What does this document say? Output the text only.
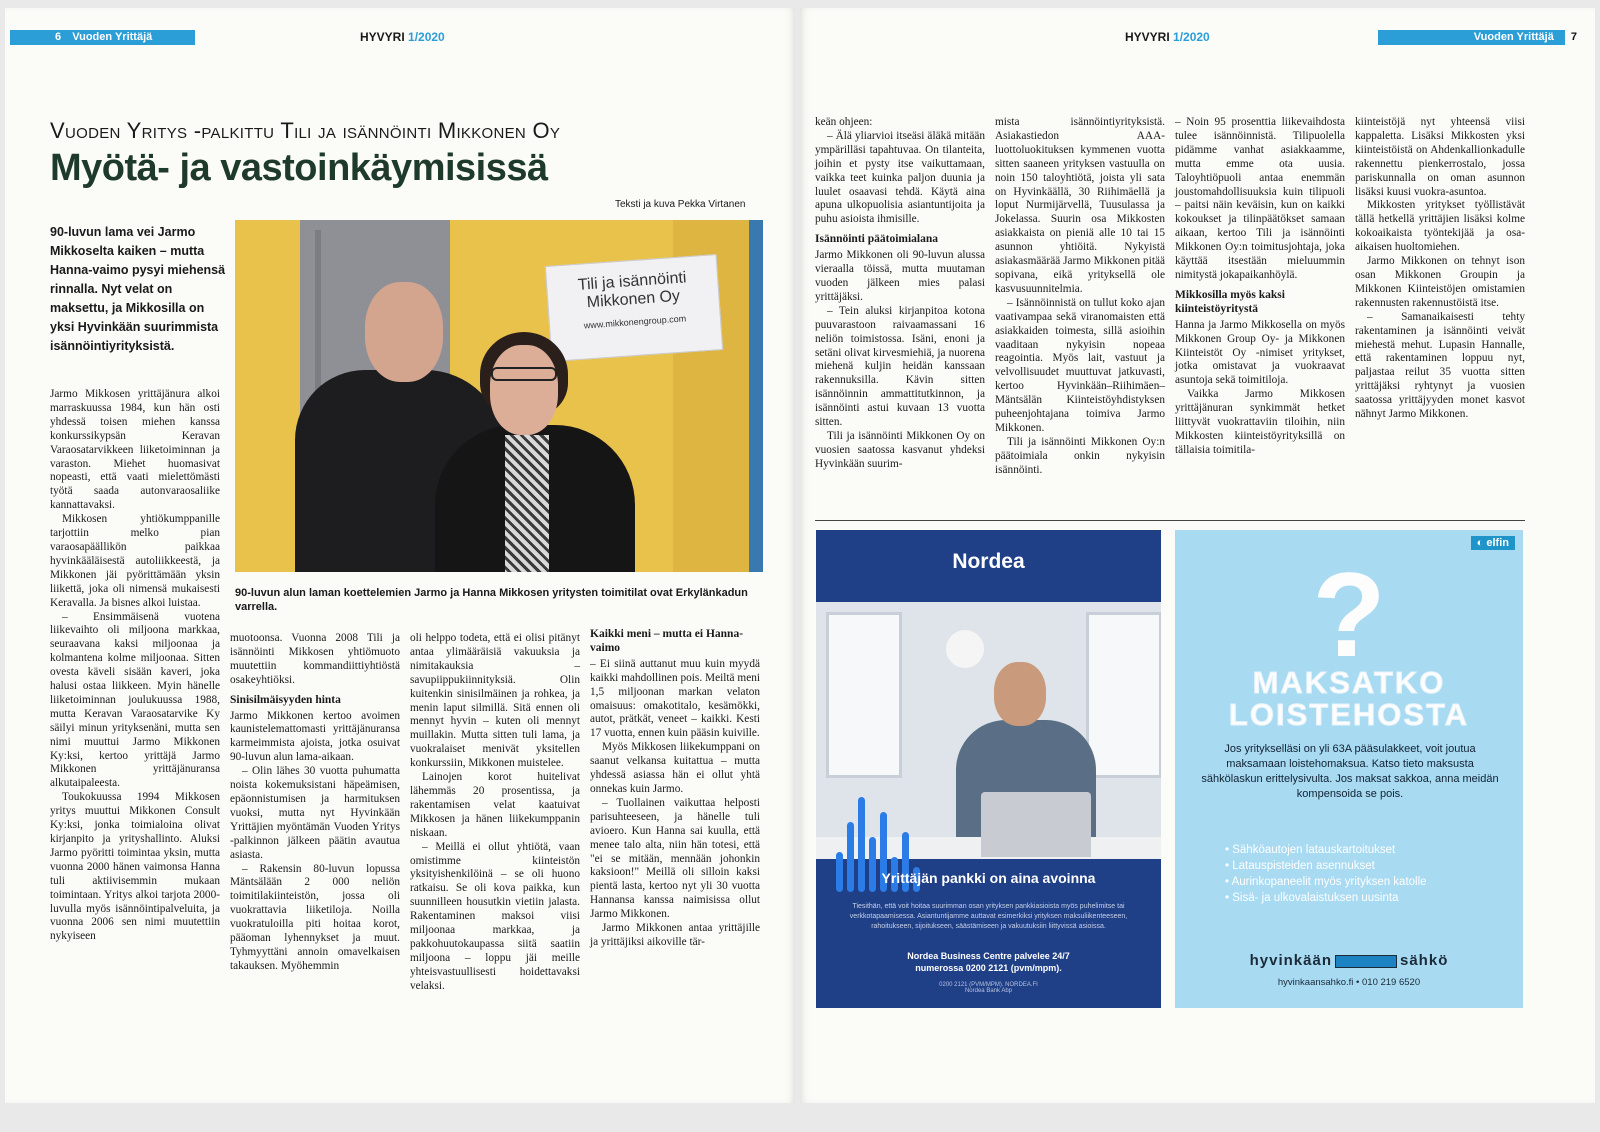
6 Vuoden Yrittäjä	HYVYRI 1/2020
Vuoden Yritys -palkittu Tili ja isännöinti Mikkonen Oy
Myötä- ja vastoinkäymisissä
Teksti ja kuva Pekka Virtanen
90-luvun lama vei Jarmo Mikkoselta kaiken – mutta Hanna-vaimo pysyi miehensä rinnalla. Nyt velat on maksettu, ja Mikkosilla on yksi Hyvinkään suurimmista isännöintiyrityksistä.
Tili ja isännöinti
Mikkonen Oy
www.mikkonengroup.com
90-luvun alun laman koettelemien Jarmo ja Hanna Mikkosen yritysten toimitilat ovat Erkylänkadun varrella.

Jarmo Mikkosen yrittäjänura alkoi marraskuussa 1984, kun hän osti yhdessä toisen miehen kanssa konkurssikypsän Keravan Varaosatarvikkeen liiketoiminnan ja varaston. Miehet huomasivat nopeasti, että vaati mielettömästi työtä saada autonvaraosaliike kannattavaksi.

Mikkosen yhtiökumppanille tarjottiin melko pian varaosapäällikön paikkaa hyvinkääläisestä autoliikkeestä, ja Mikkonen jäi pyörittämään yksin liikettä, joka oli nimensä mukaisesti Keravalla. Ja bisnes alkoi luistaa.

– Ensimmäisenä vuotena liikevaihto oli miljoona markkaa, seuraavana kaksi miljoonaa ja kolmantena kolme miljoonaa. Sitten ovesta käveli sisään kaveri, joka halusi ostaa liikkeen. Myin hänelle liiketoiminnan joulukuussa 1988, mutta Keravan Varaosatarvike Ky säilyi minun yrityksenäni, mutta sen nimi muuttui Jarmo Mikkonen Ky:ksi, kertoo yrittäjä Jarmo Mikkonen yrittäjänuransa alkutaipaleesta.

Toukokuussa 1994 Mikkosen yritys muuttui Mikkonen Consult Ky:ksi, jonka toimialoina olivat kirjanpito ja yrityshallinto. Aluksi Jarmo pyöritti toimintaa yksin, mutta vuonna 2000 hänen vaimonsa Hanna tuli aktiivisemmin mukaan toimintaan. Yritys alkoi tarjota 2000-luvulla myös isännöintipalveluita, ja vuonna 2006 sen nimi muutettiin nykyiseen

muotoonsa. Vuonna 2008 Tili ja isännöinti Mikkosen yhtiömuoto muutettiin kommandiittiyhtiöstä osakeyhtiöksi.

Sinisilmäisyyden hinta

Jarmo Mikkonen kertoo avoimen kaunistelemattomasti yrittäjänuransa karmeimmista ajoista, jotka osuivat 90-luvun alun lama-aikaan.

– Olin lähes 30 vuotta puhumatta noista kokemuksistani häpeämisen, epäonnistumisen ja harmituksen vuoksi, mutta nyt Hyvinkään Yrittäjien myöntämän Vuoden Yritys -palkinnon jälkeen päätin avautua asiasta.

– Rakensin 80-luvun lopussa Mäntsälään 2 000 neliön toimitilakiinteistön, jossa oli vuokrattavia liiketiloja. Noilla vuokratuloilla piti hoitaa korot, pääoman lyhennykset ja muut. Tyhmyyttäni annoin omavelkaisen takauksen. Myöhemmin

oli helppo todeta, että ei olisi pitänyt antaa ylimääräisiä vakuuksia ja nimitakauksia – savupiippukiinnityksiä. Olin kuitenkin sinisilmäinen ja rohkea, ja menin laput silmillä. Sitä ennen oli mennyt hyvin – kuten oli mennyt muillakin. Mutta sitten tuli lama, ja vuokralaiset menivät yksitellen konkurssiin, Mikkonen muistelee.

Lainojen korot huitelivat lähemmäs 20 prosentissa, ja rakentamisen velat kaatuivat Mikkosen ja hänen liikekumppanin niskaan.

– Meillä ei ollut yhtiötä, vaan omistimme kiinteistön yksityishenkilöinä – se oli huono ratkaisu. Se oli kova paikka, kun suunnilleen housutkin vietiin jalasta. Rakentaminen maksoi viisi miljoonaa markkaa, ja pakkohuutokaupassa siitä saatiin miljoona – loppu jäi meille yhteisvastuullisesti hoidettavaksi velaksi.

Kaikki meni – mutta ei Hanna-vaimo

– Ei siinä auttanut muu kuin myydä kaikki mahdollinen pois. Meiltä meni 1,5 miljoonan markan velaton omaisuus: omakotitalo, kesämökki, autot, prätkät, veneet – kaikki. Kesti 17 vuotta, ennen kuin pääsin kuiville.

Myös Mikkosen liikekumppani on saanut velkansa kuitattua – mutta yhdessä asiassa hän ei ollut yhtä onnekas kuin Jarmo.

– Tuollainen vaikuttaa helposti parisuhteeseen, ja hänelle tuli avioero. Kun Hanna sai kuulla, että menee talo alta, niin hän totesi, että "ei se mitään, mennään johonkin kaksioon!" Meillä oli silloin kaksi pientä lasta, kertoo nyt yli 30 vuotta Hannansa kanssa naimisissa ollut Jarmo Mikkonen.

Jarmo Mikkonen antaa yrittäjille ja yrittäjiksi aikoville tär-

HYVYRI 1/2020	Vuoden Yrittäjä 7

keän ohjeen:

– Älä yliarvioi itseäsi äläkä mitään ympärilläsi tapahtuvaa. On tilanteita, joihin et pysty itse vaikuttamaan, vaikka teet kuinka paljon duunia ja luulet osaavasi tehdä. Käytä aina apuna ulkopuolisia asiantuntijoita ja puhu asioista ihmisille.

Isännöinti päätoimialana

Jarmo Mikkonen oli 90-luvun alussa vieraalla töissä, mutta muutaman vuoden jälkeen mies palasi yrittäjäksi.

– Tein aluksi kirjanpitoa kotona puuvarastoon raivaamassani 16 neliön toimistossa. Isäni, enoni ja setäni olivat kirvesmiehiä, ja nuorena miehenä kuljin heidän kanssaan rakennuksilla. Kävin sitten isännöinnin ammattitutkinnon, ja isännöinti astui kuvaan 13 vuotta sitten.

Tili ja isännöinti Mikkonen Oy on vuosien saatossa kasvanut yhdeksi Hyvinkään suurim-

mista isännöintiyrityksistä. Asiakastiedon AAA-luottoluokituksen kymmenen vuotta sitten saaneen yrityksen vastuulla on noin 150 taloyhtiötä, joista yli sata on Hyvinkäällä, 30 Riihimäellä ja loput Nurmijärvellä, Tuusulassa ja Jokelassa. Suurin osa Mikkosten asiakkaista on pieniä alle 10 tai 15 asunnon yhtiöitä. Nykyistä asiakasmäärää Jarmo Mikkonen pitää sopivana, eikä yrityksellä ole kasvusuunnitelmia.

– Isännöinnistä on tullut koko ajan vaativampaa sekä viranomaisten että asiakkaiden toimesta, sillä asioihin vaaditaan nykyisin nopeaa reagointia. Myös lait, vastuut ja velvollisuudet muuttuvat jatkuvasti, kertoo Hyvinkään–Riihimäen–Mäntsälän Kiinteistöyhdistyksen puheenjohtajana toimiva Jarmo Mikkonen.

Tili ja isännöinti Mikkonen Oy:n päätoimiala onkin nykyisin isännöinti.

– Noin 95 prosenttia liikevaihdosta tulee isännöinnistä. Tilipuolella pidämme vanhat asiakkaamme, mutta emme ota uusia. Taloyhtiöpuoli antaa enemmän joustomahdollisuuksia kuin tilipuoli – paitsi näin keväisin, kun on kaikki kokoukset ja tilinpäätökset samaan aikaan, kertoo Tili ja isännöinti Mikkonen Oy:n toimitusjohtaja, joka käyttää itsestään mieluummin nimitystä jokapaikanhöylä.

Mikkosilla myös kaksi kiinteistöyritystä

Hanna ja Jarmo Mikkosella on myös Mikkonen Group Oy- ja Mikkonen Kiinteistöt Oy -nimiset yritykset, jotka omistavat ja vuokraavat asuntoja sekä toimitiloja.

Vaikka Jarmo Mikkosen yrittäjänuran synkimmät hetket liittyvät vuokrattaviin tiloihin, niin Mikkosten kiinteistöyrityksillä on tällaisia toimitila-

kiinteistöjä nyt yhteensä viisi kappaletta. Lisäksi Mikkosten yksi kiinteistöistä on Ahdenkallionkadulle rakennettu pienkerrostalo, jossa pariskunnalla on oman asunnon lisäksi kuusi vuokra-asuntoa.

Mikkosten yritykset työllistävät tällä hetkellä yrittäjien lisäksi kolme kokoaikaista työntekijää ja osa-aikaisen huoltomiehen.

Jarmo Mikkonen on tehnyt ison osan Mikkonen Groupin ja Mikkonen Kiinteistöjen omistamien rakennusten rakennustöistä itse.

– Samanaikaisesti tehty rakentaminen ja isännöinti veivät miehestä mehut. Lupasin Hannalle, että rakentaminen loppuu nyt, paljastaa reilut 35 vuotta sitten yrittäjäksi ryhtynyt ja vuosien saatossa yrittäjyyden monet kasvot nähnyt Jarmo Mikkonen.

Nordea
Yrittäjän pankki on aina avoinna
Tiesithän, että voit hoitaa suurimman osan yrityksen pankkiasioista myös puhelimitse tai verkkotapaamisessa. Asiantuntijamme auttavat esimerkiksi yrityksen maksuliikenteeseen, rahoitukseen, sijoitukseen, säästämiseen ja vakuutuksiin liittyvissä asioissa.
Nordea Business Centre palvelee 24/7
numerossa 0200 2121 (pvm/mpm).
0200 2121 (PVM/MPM). NORDEA.FI
Nordea Bank Abp
◐ elfin
?
MAKSATKO
LOISTEHOSTA
Jos yritykselläsi on yli 63A pääsulakkeet, voit joutua maksamaan loistehomaksua. Katso tieto maksusta sähkölaskun erittelysivulta. Jos maksat sakkoa, anna meidän kompensoida se pois.
• Sähköautojen latauskartoitukset
• Latauspisteiden asennukset
• Aurinkopaneelit myös yrityksen katolle
• Sisä- ja ulkovalaistuksen uusinta
hyvinkään	sähkö
hyvinkaansahko.fi • 010 219 6520
